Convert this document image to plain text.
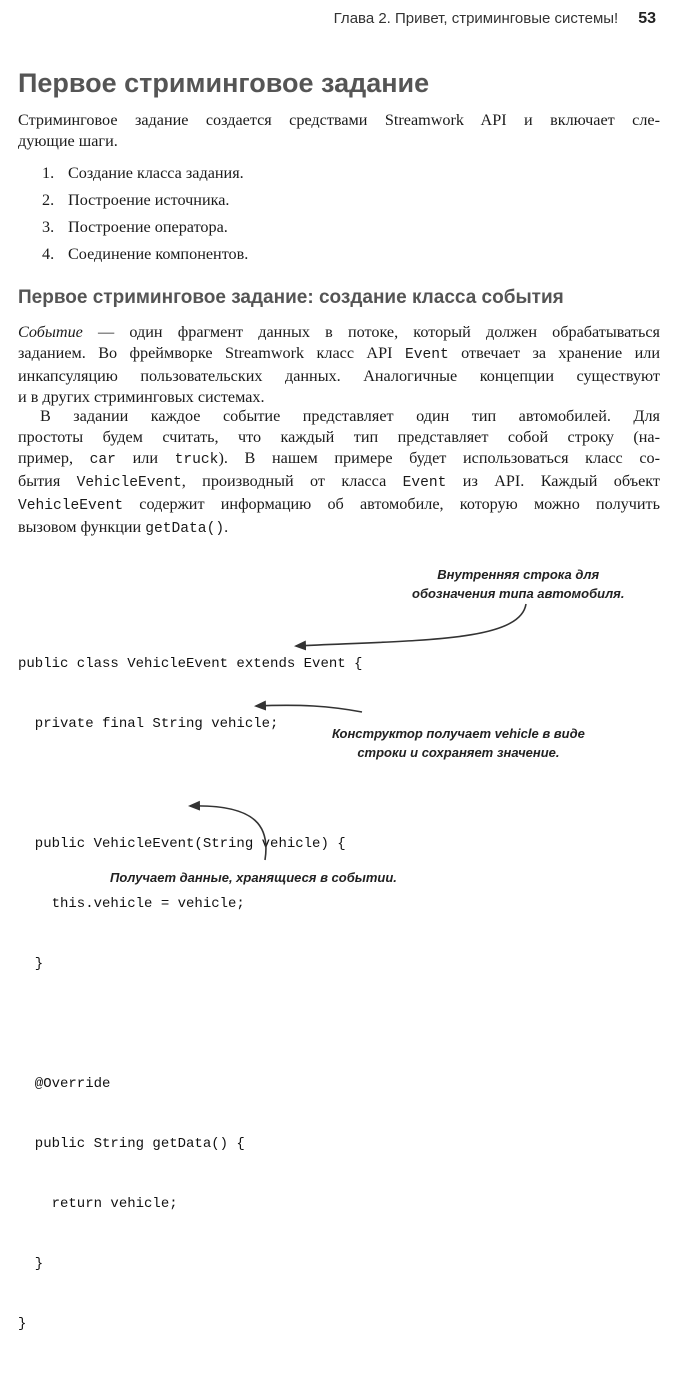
Глава 2. Привет, стриминговые системы! 53
Первое стриминговое задание
Стриминговое задание создается средствами Streamwork API и включает сле-
дующие шаги.
1. Создание класса задания.
2. Построение источника.
3. Построение оператора.
4. Соединение компонентов.
Первое стриминговое задание: создание класса события
Событие — один фрагмент данных в потоке, который должен обрабатываться
заданием. Во фреймворке Streamwork класс API Event отвечает за хранение или
инкапсуляцию пользовательских данных. Аналогичные концепции существуют
и в других стриминговых системах.
В задании каждое событие представляет один тип автомобилей. Для
простоты будем считать, что каждый тип представляет собой строку (на-
пример, car или truck). В нашем примере будет использоваться класс со-
бытия VehicleEvent, производный от класса Event из API. Каждый объект
VehicleEvent содержит информацию об автомобиле, которую можно получить
вызовом функции getData().

public class VehicleEvent extends Event {

private final String vehicle;

public VehicleEvent(String vehicle) {

this.vehicle = vehicle;

}

@Override

public String getData() {

return vehicle;

}

}

Внутренняя строка для
обозначения типа автомобиля.
Конструктор получает vehicle в виде
строки и сохраняет значение.
Получает данные, хранящиеся в событии.
